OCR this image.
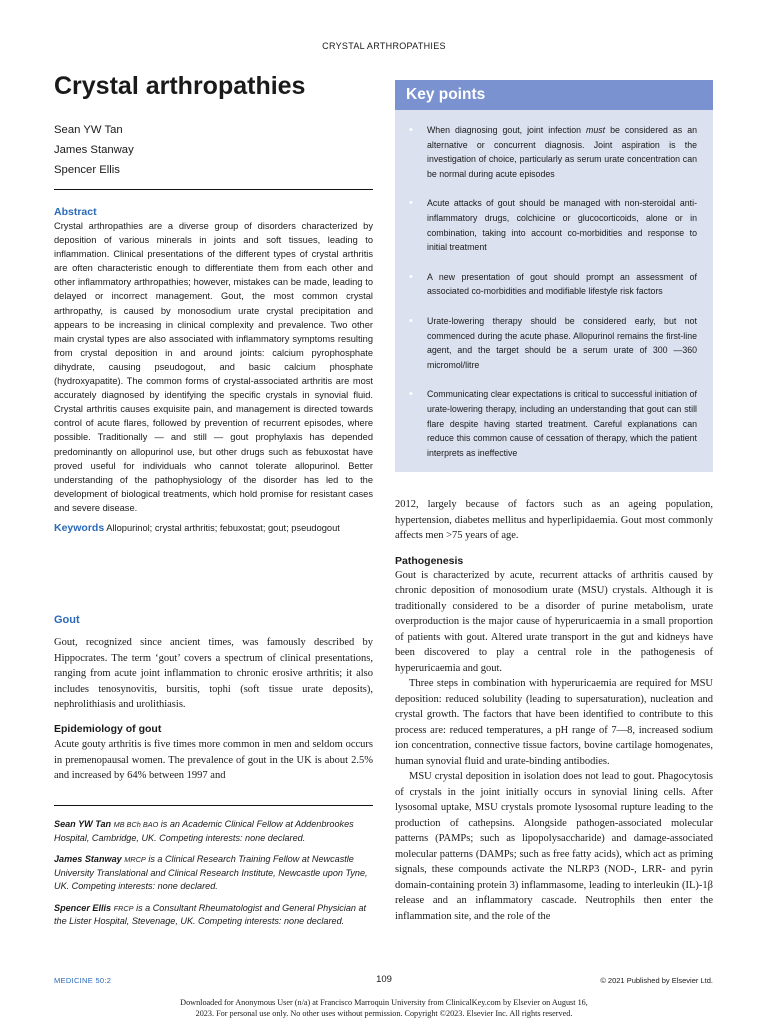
CRYSTAL ARTHROPATHIES
Crystal arthropathies
Sean YW Tan
James Stanway
Spencer Ellis
Abstract
Crystal arthropathies are a diverse group of disorders characterized by deposition of various minerals in joints and soft tissues, leading to inflammation. Clinical presentations of the different types of crystal arthritis are often characteristic enough to differentiate them from each other and other inflammatory arthropathies; however, mistakes can be made, leading to delayed or incorrect management. Gout, the most common crystal arthropathy, is caused by monosodium urate crystal precipitation and appears to be increasing in clinical complexity and prevalence. Two other main crystal types are also associated with inflammatory symptoms resulting from crystal deposition in and around joints: calcium pyrophosphate dihydrate, causing pseudogout, and basic calcium phosphate (hydroxyapatite). The common forms of crystal-associated arthritis are most accurately diagnosed by identifying the specific crystals in synovial fluid. Crystal arthritis causes exquisite pain, and management is directed towards control of acute flares, followed by prevention of recurrent episodes, where possible. Traditionally — and still — gout prophylaxis has depended predominantly on allopurinol use, but other drugs such as febuxostat have proved useful for individuals who cannot tolerate allopurinol. Better understanding of the pathophysiology of the disorder has led to the development of biological treatments, which hold promise for resistant cases and severe disease.
Keywords Allopurinol; crystal arthritis; febuxostat; gout; pseudogout
Gout

Gout, recognized since ancient times, was famously described by Hippocrates. The term ‘gout’ covers a spectrum of clinical presentations, ranging from acute joint inflammation to chronic erosive arthritis; it also includes tenosynovitis, bursitis, tophi (soft tissue urate deposits), nephrolithiasis and urolithiasis.

Epidemiology of gout

Acute gouty arthritis is five times more common in men and seldom occurs in premenopausal women. The prevalence of gout in the UK is about 2.5% and increased by 64% between 1997 and

Sean YW Tan MB BCh BAO is an Academic Clinical Fellow at Addenbrookes Hospital, Cambridge, UK. Competing interests: none declared.
James Stanway MRCP is a Clinical Research Training Fellow at Newcastle University Translational and Clinical Research Institute, Newcastle upon Tyne, UK. Competing interests: none declared.
Spencer Ellis FRCP is a Consultant Rheumatologist and General Physician at the Lister Hospital, Stevenage, UK. Competing interests: none declared.
Key points
• When diagnosing gout, joint infection must be considered as an alternative or concurrent diagnosis. Joint aspiration is the investigation of choice, particularly as serum urate concentration can be normal during acute episodes
• Acute attacks of gout should be managed with non-steroidal anti-inflammatory drugs, colchicine or glucocorticoids, alone or in combination, taking into account co-morbidities and response to initial treatment
• A new presentation of gout should prompt an assessment of associated co-morbidities and modifiable lifestyle risk factors
• Urate-lowering therapy should be considered early, but not commenced during the acute phase. Allopurinol remains the first-line agent, and the target should be a serum urate of 300 —360 micromol/litre
• Communicating clear expectations is critical to successful initiation of urate-lowering therapy, including an understanding that gout can still flare despite having started treatment. Careful explanations can reduce this common cause of cessation of therapy, which the patient interprets as ineffective

2012, largely because of factors such as an ageing population, hypertension, diabetes mellitus and hyperlipidaemia. Gout most commonly affects men >75 years of age.

Pathogenesis

Gout is characterized by acute, recurrent attacks of arthritis caused by chronic deposition of monosodium urate (MSU) crystals. Although it is traditionally considered to be a disorder of purine metabolism, urate overproduction is the major cause of hyperuricaemia in a small proportion of patients with gout. Altered urate transport in the gut and kidneys have been discovered to play a central role in the pathogenesis of hyperuricaemia and gout.

Three steps in combination with hyperuricaemia are required for MSU deposition: reduced solubility (leading to supersaturation), nucleation and crystal growth. The factors that have been identified to contribute to this process are: reduced temperatures, a pH range of 7—8, increased sodium ion concentration, connective tissue factors, bovine cartilage homogenates, human synovial fluid and urate-binding antibodies.

MSU crystal deposition in isolation does not lead to gout. Phagocytosis of crystals in the joint initially occurs in synovial lining cells. After lysosomal uptake, MSU crystals promote lysosomal rupture leading to the production of cathepsins. Alongside pathogen-associated molecular patterns (PAMPs; such as lipopolysaccharide) and damage-associated molecular patterns (DAMPs; such as free fatty acids), which act as priming signals, these compounds activate the NLRP3 (NOD-, LRR- and pyrin domain-containing protein 3) inflammasome, leading to interleukin (IL)-1β release and an inflammatory cascade. Neutrophils then enter the inflammation site, and the role of the

MEDICINE 50:2	109	© 2021 Published by Elsevier Ltd.
Downloaded for Anonymous User (n/a) at Francisco Marroquin University from ClinicalKey.com by Elsevier on August 16,
2023. For personal use only. No other uses without permission. Copyright ©2023. Elsevier Inc. All rights reserved.
